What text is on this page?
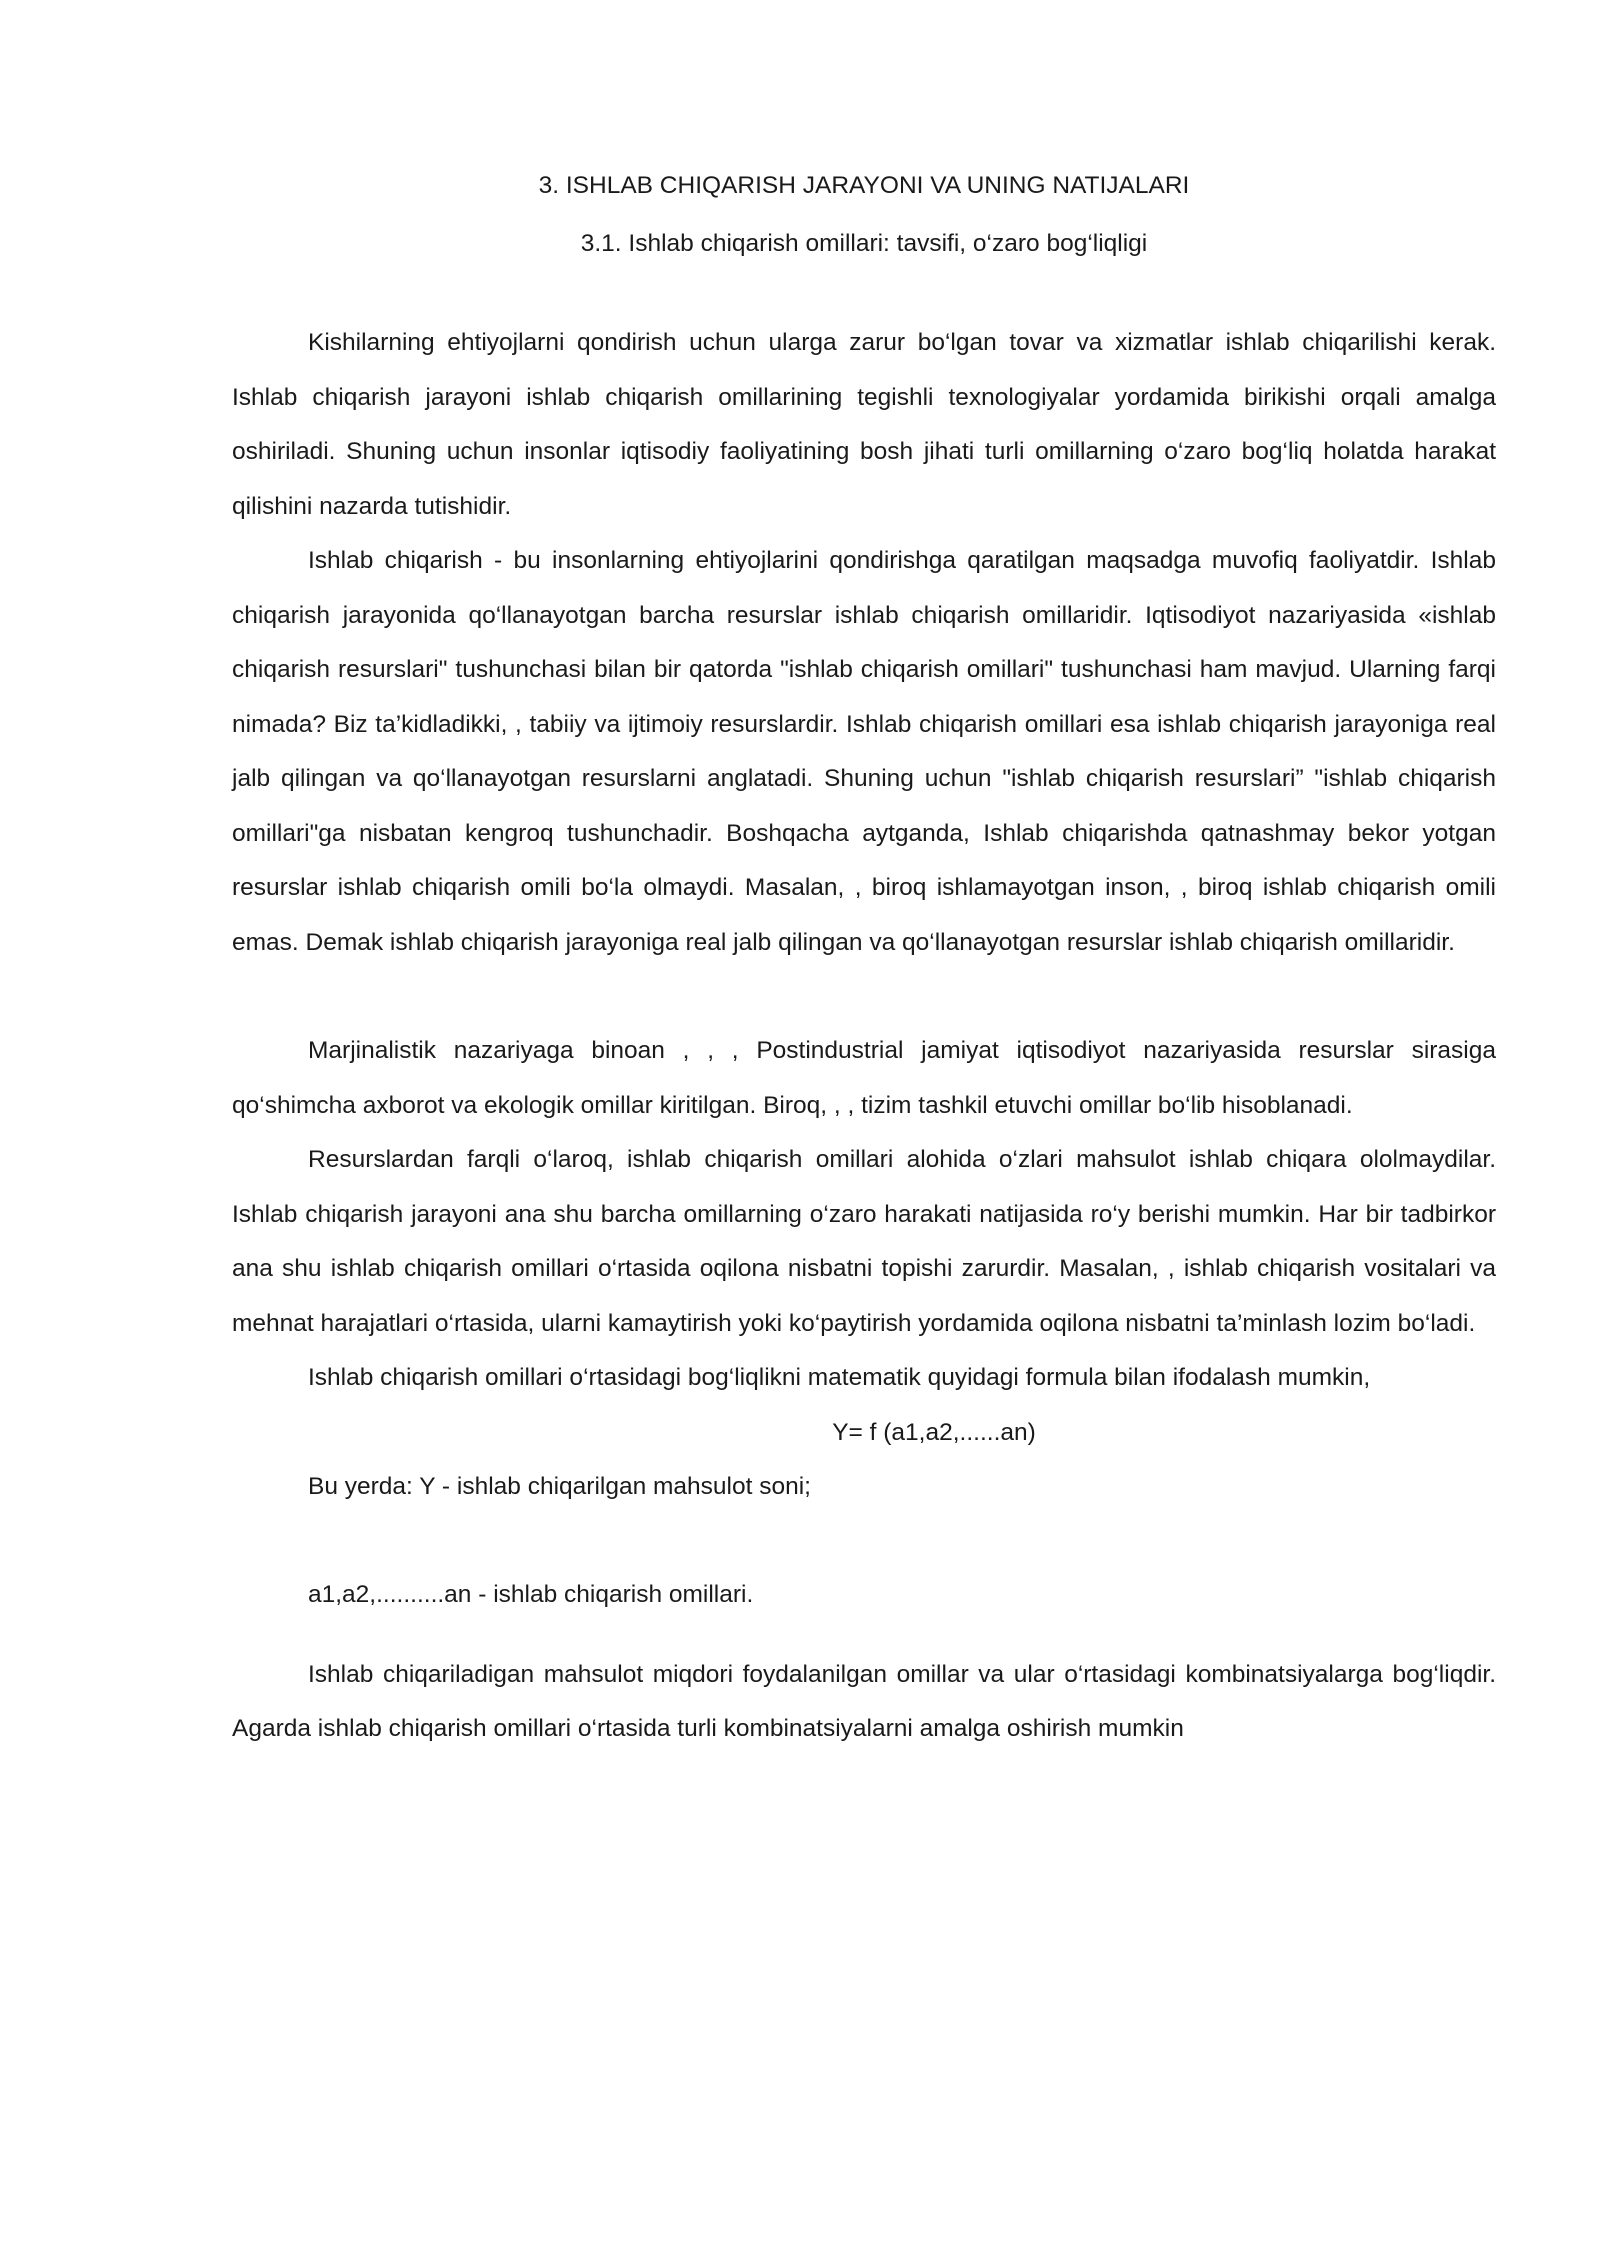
3. ISHLAB CHIQARISH JARAYONI VA UNING NATIJALARI

3.1. Ishlab chiqarish omillari: tavsifi, o‘zaro bog‘liqligi

Kishilarning ehtiyojlarni qondirish uchun ularga zarur bo‘lgan tovar va xizmatlar ishlab chiqarilishi kerak. Ishlab chiqarish jarayoni ishlab chiqarish omillarining tegishli texnologiyalar yordamida birikishi orqali amalga oshiriladi. Shuning uchun insonlar iqtisodiy faoliyatining bosh jihati turli omillarning o‘zaro bog‘liq holatda harakat qilishini nazarda tutishidir.

Ishlab chiqarish - bu insonlarning ehtiyojlarini qondirishga qaratilgan maqsadga muvofiq faoliyatdir. Ishlab chiqarish jarayonida qo‘llanayotgan barcha resurslar ishlab chiqarish omillaridir. Iqtisodiyot nazariyasida «ishlab chiqarish resurslari" tushunchasi bilan bir qatorda "ishlab chiqarish omillari" tushunchasi ham mavjud. Ularning farqi nimada? Biz ta’kidladikki, , tabiiy va ijtimoiy resurslardir. Ishlab chiqarish omillari esa ishlab chiqarish jarayoniga real jalb qilingan va qo‘llanayotgan resurslarni anglatadi. Shuning uchun "ishlab chiqarish resurslari” "ishlab chiqarish omillari"ga nisbatan kengroq tushunchadir. Boshqacha aytganda, Ishlab chiqarishda qatnashmay bekor yotgan resurslar ishlab chiqarish omili bo‘la olmaydi. Masalan, , biroq ishlamayotgan inson, , biroq ishlab chiqarish omili emas. Demak ishlab chiqarish jarayoniga real jalb qilingan va qo‘llanayotgan resurslar ishlab chiqarish omillaridir.

Marjinalistik nazariyaga binoan , , , Postindustrial jamiyat iqtisodiyot nazariyasida resurslar sirasiga qo‘shimcha axborot va ekologik omillar kiritilgan. Biroq, , , tizim tashkil etuvchi omillar bo‘lib hisoblanadi.

Resurslardan farqli o‘laroq, ishlab chiqarish omillari alohida o‘zlari mahsulot ishlab chiqara ololmaydilar. Ishlab chiqarish jarayoni ana shu barcha omillarning o‘zaro harakati natijasida ro‘y berishi mumkin. Har bir tadbirkor ana shu ishlab chiqarish omillari o‘rtasida oqilona nisbatni topishi zarurdir. Masalan, , ishlab chiqarish vositalari va mehnat harajatlari o‘rtasida, ularni kamaytirish yoki ko‘paytirish yordamida oqilona nisbatni ta’minlash lozim bo‘ladi.

Ishlab chiqarish omillari o‘rtasidagi bog‘liqlikni matematik quyidagi formula bilan ifodalash mumkin,

Y= f (a1,a2,......an)

Bu yerda: Y - ishlab chiqarilgan mahsulot soni;

a1,a2,..........an - ishlab chiqarish omillari.

Ishlab chiqariladigan mahsulot miqdori foydalanilgan omillar va ular o‘rtasidagi kombinatsiyalarga bog‘liqdir. Agarda ishlab chiqarish omillari o‘rtasida turli kombinatsiyalarni amalga oshirish mumkin
